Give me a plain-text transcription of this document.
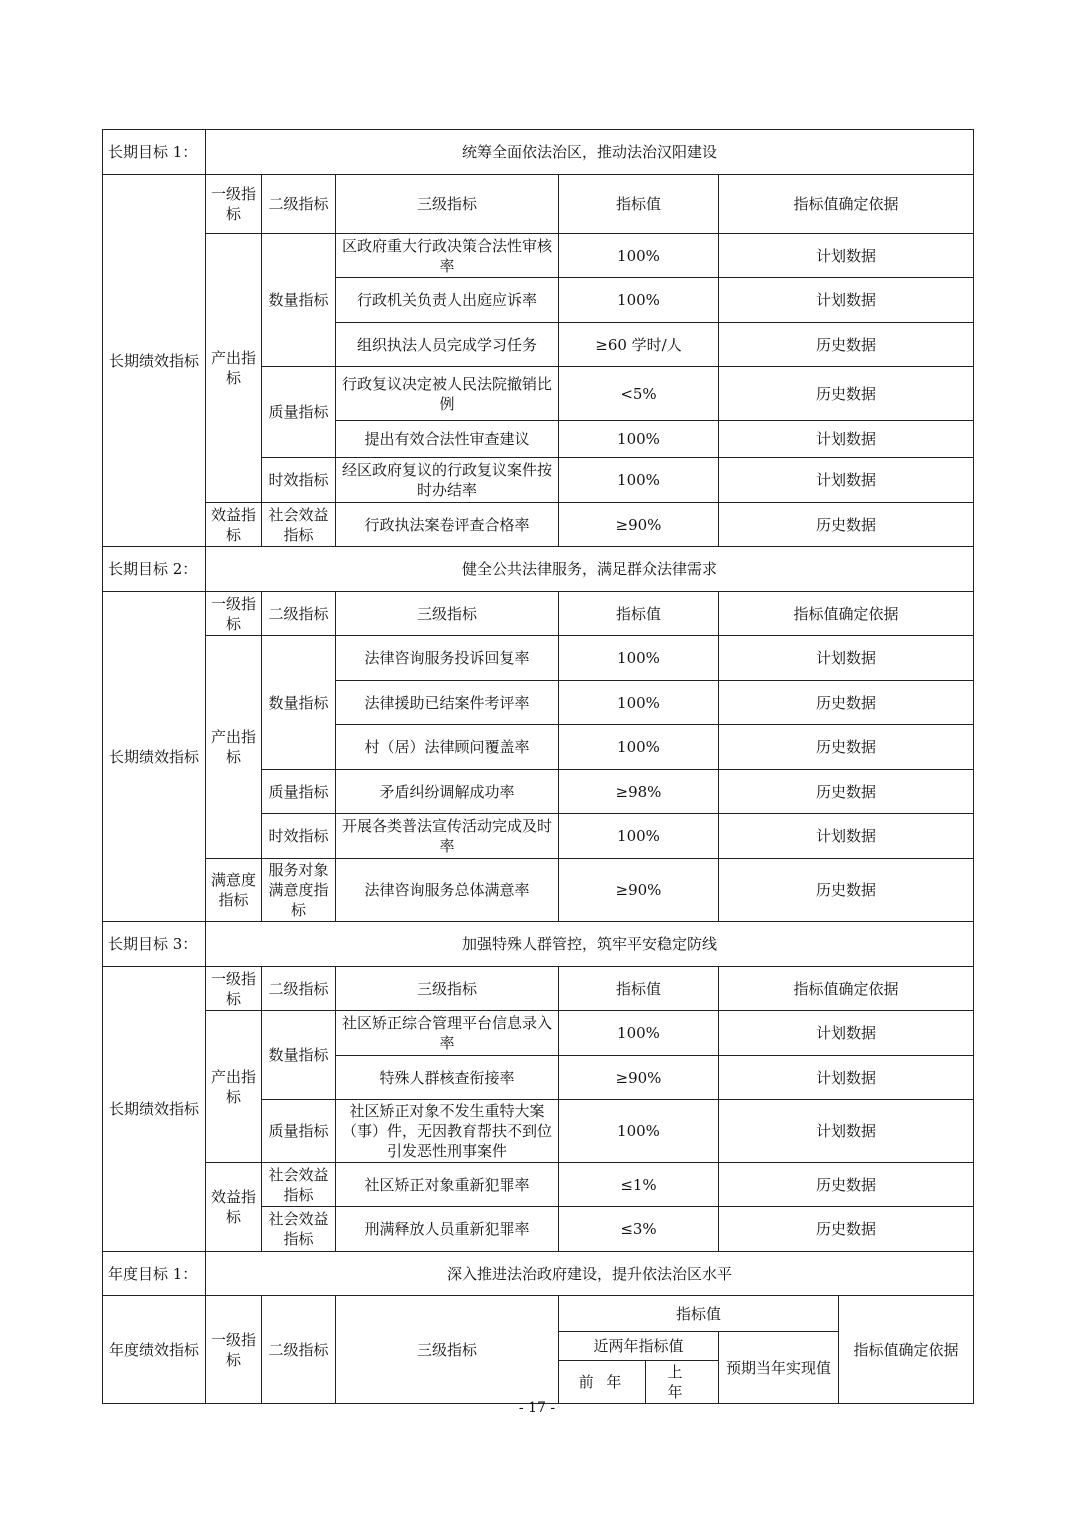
长期目标 1：	统筹全面依法治区，推动法治汉阳建设						
长期绩效指标	一级指标	二级指标	三级指标	指标值		指标值确定依据	
	产出指标	数量指标	区政府重大行政决策合法性审核率	100%		计划数据	
			行政机关负责人出庭应诉率	100%		计划数据	
			组织执法人员完成学习任务	≥60 学时/人		历史数据	
		质量指标	行政复议决定被人民法院撤销比例	<5%		历史数据	
			提出有效合法性审查建议	100%		计划数据	
		时效指标	经区政府复议的行政复议案件按时办结率	100%		计划数据	
	效益指标	社会效益指标	行政执法案卷评查合格率	≥90%		历史数据	
长期目标 2：	健全公共法律服务，满足群众法律需求						
长期绩效指标	一级指标	二级指标	三级指标	指标值		指标值确定依据	
	产出指标	数量指标	法律咨询服务投诉回复率	100%		计划数据	
			法律援助已结案件考评率	100%		历史数据	
			村（居）法律顾问覆盖率	100%		历史数据	
		质量指标	矛盾纠纷调解成功率	≥98%		历史数据	
		时效指标	开展各类普法宣传活动完成及时率	100%		计划数据	
	满意度指标	服务对象满意度指标	法律咨询服务总体满意率	≥90%		历史数据	
长期目标 3：	加强特殊人群管控，筑牢平安稳定防线						
长期绩效指标	一级指标	二级指标	三级指标	指标值		指标值确定依据	
	产出指标	数量指标	社区矫正综合管理平台信息录入率	100%		计划数据	
			特殊人群核查衔接率	≥90%		计划数据	
		质量指标	社区矫正对象不发生重特大案（事）件，无因教育帮扶不到位引发恶性刑事案件	100%		计划数据	
	效益指标	社会效益指标	社区矫正对象重新犯罪率	≤1%		历史数据	
		社会效益指标	刑满释放人员重新犯罪率	≤3%		历史数据	
年度目标 1：	深入推进法治政府建设，提升依法治区水平						
年度绩效指标	一级指标	二级指标	三级指标	指标值			指标值确定依据
				近两年指标值		预期当年实现值	
				前 年	上 年		
- 17 -
